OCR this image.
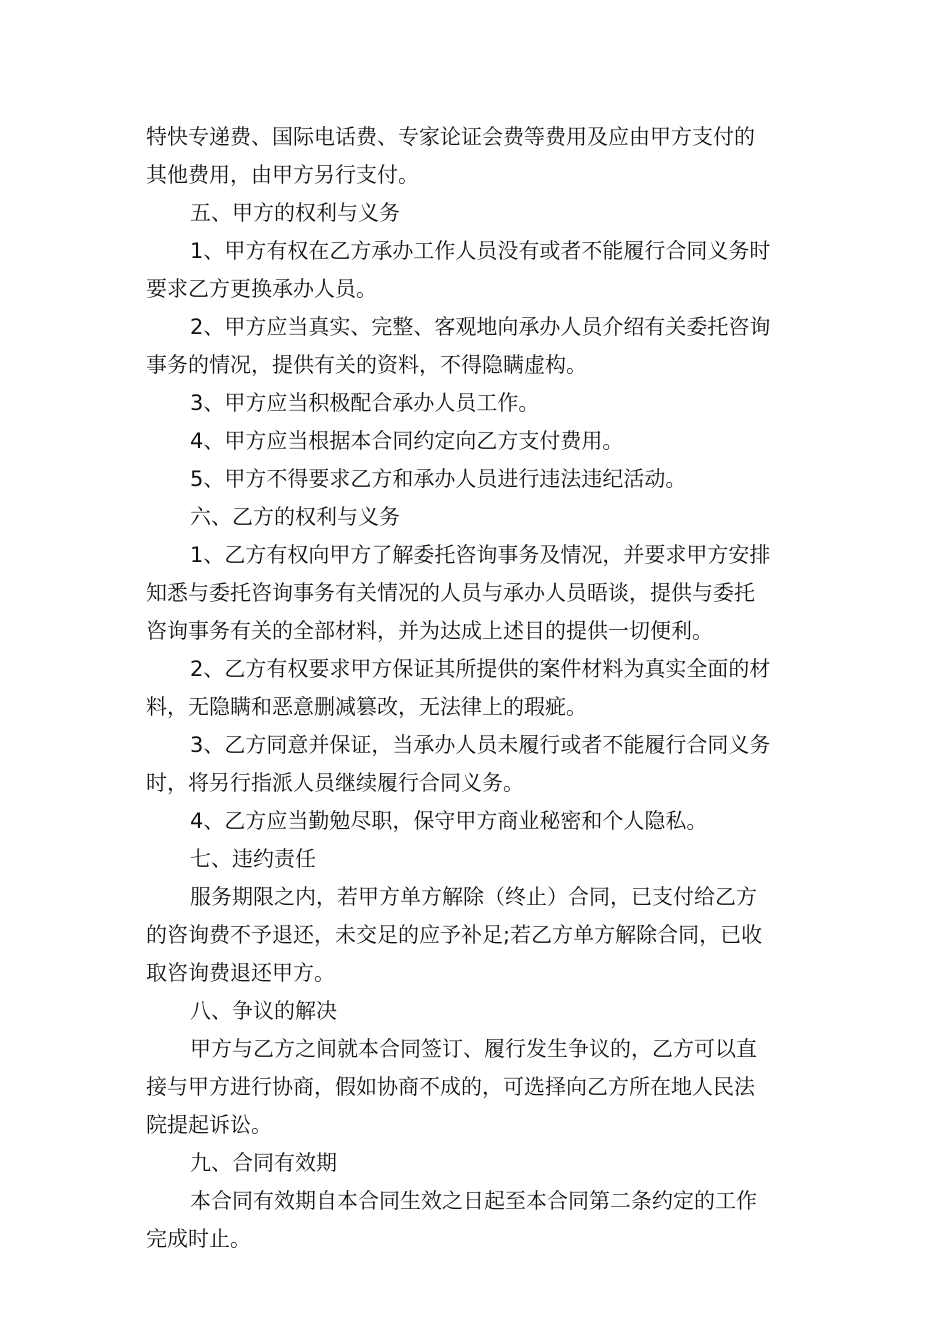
特快专递费、国际电话费、专家论证会费等费用及应由甲方支付的
其他费用，由甲方另行支付。
五、甲方的权利与义务
1、甲方有权在乙方承办工作人员没有或者不能履行合同义务时
要求乙方更换承办人员。
2、甲方应当真实、完整、客观地向承办人员介绍有关委托咨询
事务的情况，提供有关的资料，不得隐瞒虚构。
3、甲方应当积极配合承办人员工作。
4、甲方应当根据本合同约定向乙方支付费用。
5、甲方不得要求乙方和承办人员进行违法违纪活动。
六、乙方的权利与义务
1、乙方有权向甲方了解委托咨询事务及情况，并要求甲方安排
知悉与委托咨询事务有关情况的人员与承办人员晤谈，提供与委托
咨询事务有关的全部材料，并为达成上述目的提供一切便利。
2、乙方有权要求甲方保证其所提供的案件材料为真实全面的材
料，无隐瞒和恶意删减篡改，无法律上的瑕疵。
3、乙方同意并保证，当承办人员未履行或者不能履行合同义务
时，将另行指派人员继续履行合同义务。
4、乙方应当勤勉尽职，保守甲方商业秘密和个人隐私。
七、违约责任
服务期限之内，若甲方单方解除（终止）合同，已支付给乙方
的咨询费不予退还，未交足的应予补足;若乙方单方解除合同，已收
取咨询费退还甲方。
八、争议的解决
甲方与乙方之间就本合同签订、履行发生争议的，乙方可以直
接与甲方进行协商，假如协商不成的，可选择向乙方所在地人民法
院提起诉讼。
九、合同有效期
本合同有效期自本合同生效之日起至本合同第二条约定的工作
完成时止。
